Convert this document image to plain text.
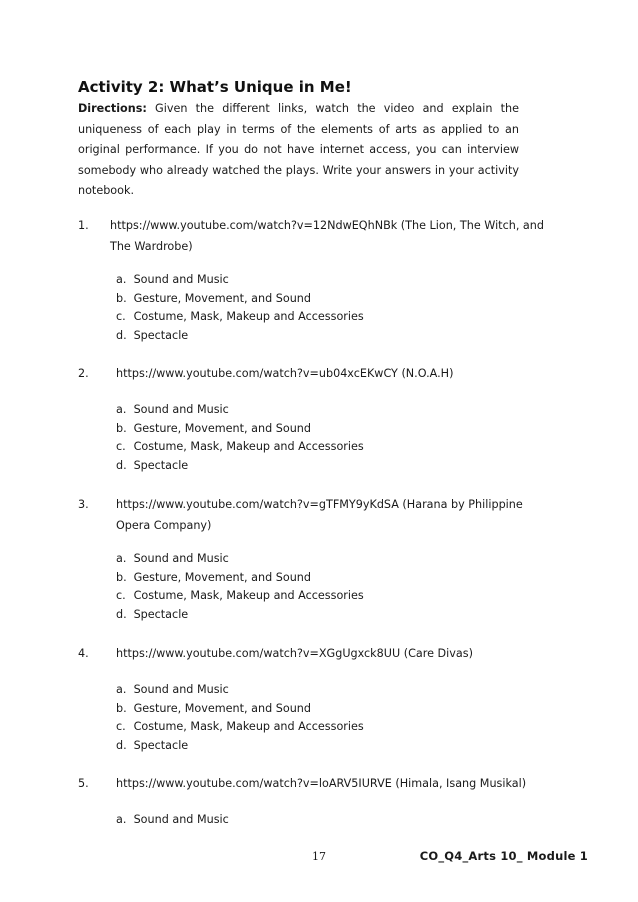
Activity 2: What’s Unique in Me!

Directions: Given the different links, watch the video and explain the uniqueness of each play in terms of the elements of arts as applied to an original performance. If you do not have internet access, you can interview somebody who already watched the plays. Write your answers in your activity notebook.

1. https://www.youtube.com/watch?v=12NdwEQhNBk (The Lion, The Witch, and The Wardrobe)
a. Sound and Music
b. Gesture, Movement, and Sound
c. Costume, Mask, Makeup and Accessories
d. Spectacle
2. https://www.youtube.com/watch?v=ub04xcEKwCY (N.O.A.H)
a. Sound and Music
b. Gesture, Movement, and Sound
c. Costume, Mask, Makeup and Accessories
d. Spectacle
3. https://www.youtube.com/watch?v=gTFMY9yKdSA (Harana by Philippine Opera Company)
a. Sound and Music
b. Gesture, Movement, and Sound
c. Costume, Mask, Makeup and Accessories
d. Spectacle
4. https://www.youtube.com/watch?v=XGgUgxck8UU (Care Divas)
a. Sound and Music
b. Gesture, Movement, and Sound
c. Costume, Mask, Makeup and Accessories
d. Spectacle
5. https://www.youtube.com/watch?v=loARV5IURVE (Himala, Isang Musikal)
a. Sound and Music
17	CO_Q4_Arts 10_ Module 1
